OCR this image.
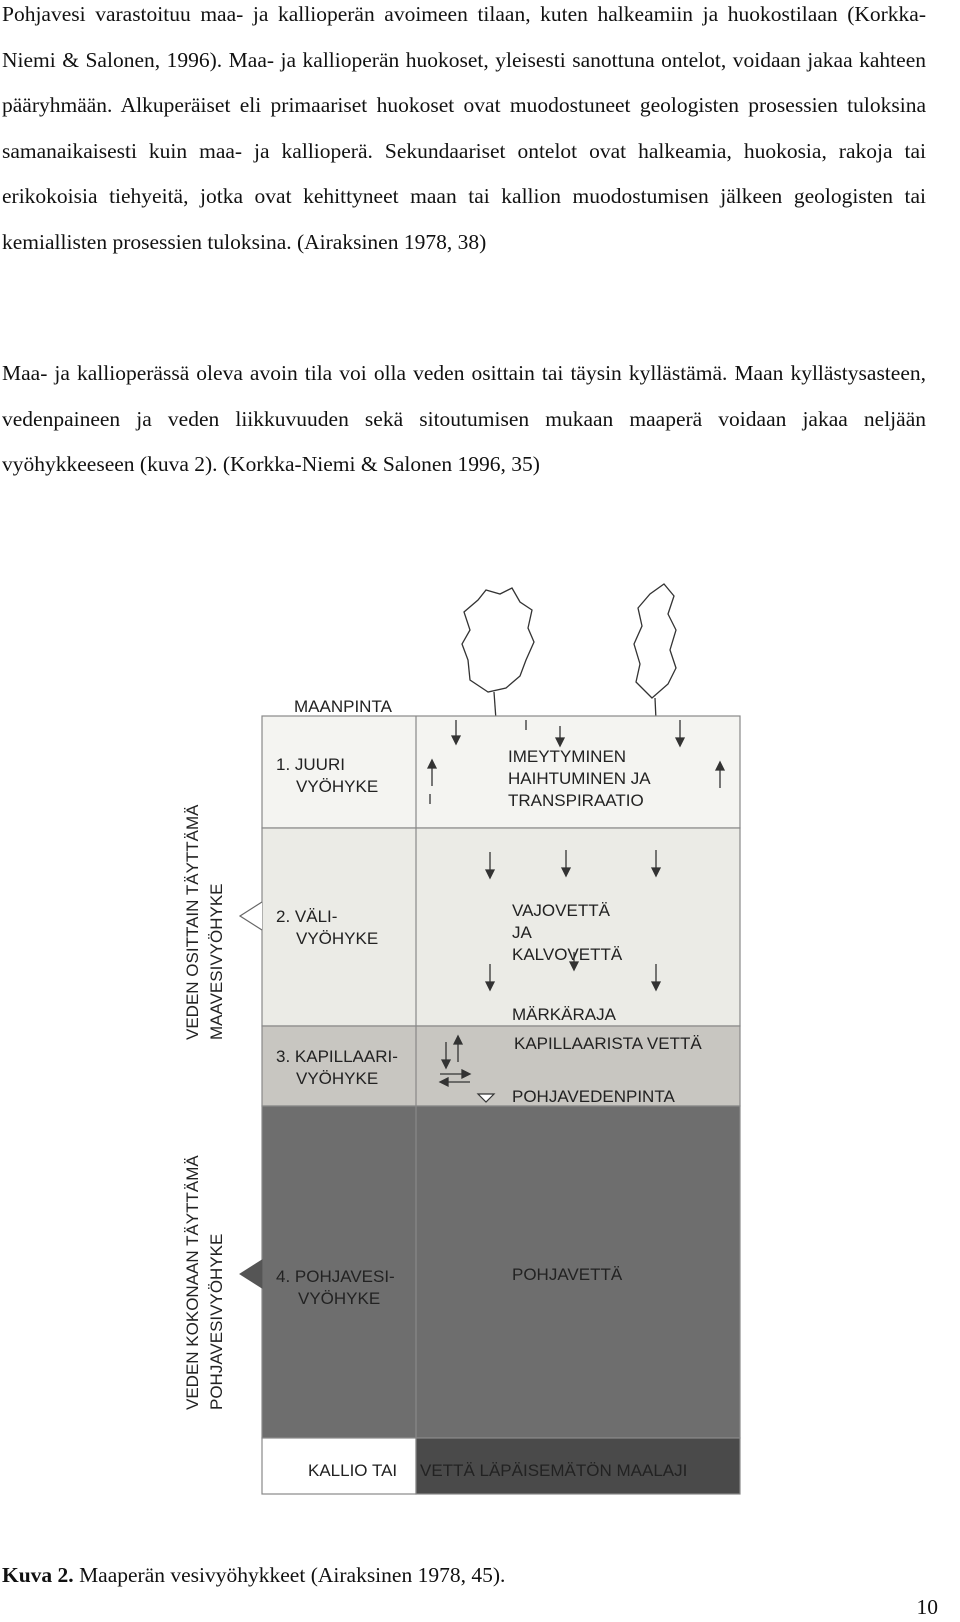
Pohjavesi varastoituu maa- ja kallioperän avoimeen tilaan, kuten halkeamiin ja huokostilaan (Korkka-Niemi & Salonen, 1996). Maa- ja kallioperän huokoset, yleisesti sanottuna ontelot, voidaan jakaa kahteen pääryhmään. Alkuperäiset eli primaariset huokoset ovat muodostuneet geologisten prosessien tuloksina samanaikaisesti kuin maa- ja kallioperä. Sekundaariset ontelot ovat halkeamia, huokosia, rakoja tai erikokoisia tiehyeitä, jotka ovat kehittyneet maan tai kallion muodostumisen jälkeen geologisten tai kemiallisten prosessien tuloksina. (Airaksinen 1978, 38)

Maa- ja kallioperässä oleva avoin tila voi olla veden osittain tai täysin kyllästämä. Maan kyllästysasteen, vedenpaineen ja veden liikkuvuuden sekä sitoutumisen mukaan maaperä voidaan jakaa neljään vyöhykkeeseen (kuva 2). (Korkka-Niemi & Salonen 1996, 35)

MAANPINTA
1. JUURI VYÖHYKE
IMEYTYMINEN HAIHTUMINEN JA TRANSPIRAATIO
2. VÄLI-VYÖHYKE
VAJOVETTÄ JA KALVOVETTÄ
MÄRKÄRAJA
3. KAPILLAARI-VYÖHYKE
KAPILLAARISTA VETTÄ
POHJAVEDENPINTA
4. POHJAVESI-VYÖHYKE
POHJAVETTÄ
KALLIO TAI VETTÄ LÄPÄISEMÄTÖN MAALAJI
VEDEN OSITTAIN TÄYTTÄMÄ MAAVESIVYÖHYKE
VEDEN KOKONAAN TÄYTTÄMÄ POHJAVESIVYÖHYKE

Kuva 2. Maaperän vesivyöhykkeet (Airaksinen 1978, 45).

10
